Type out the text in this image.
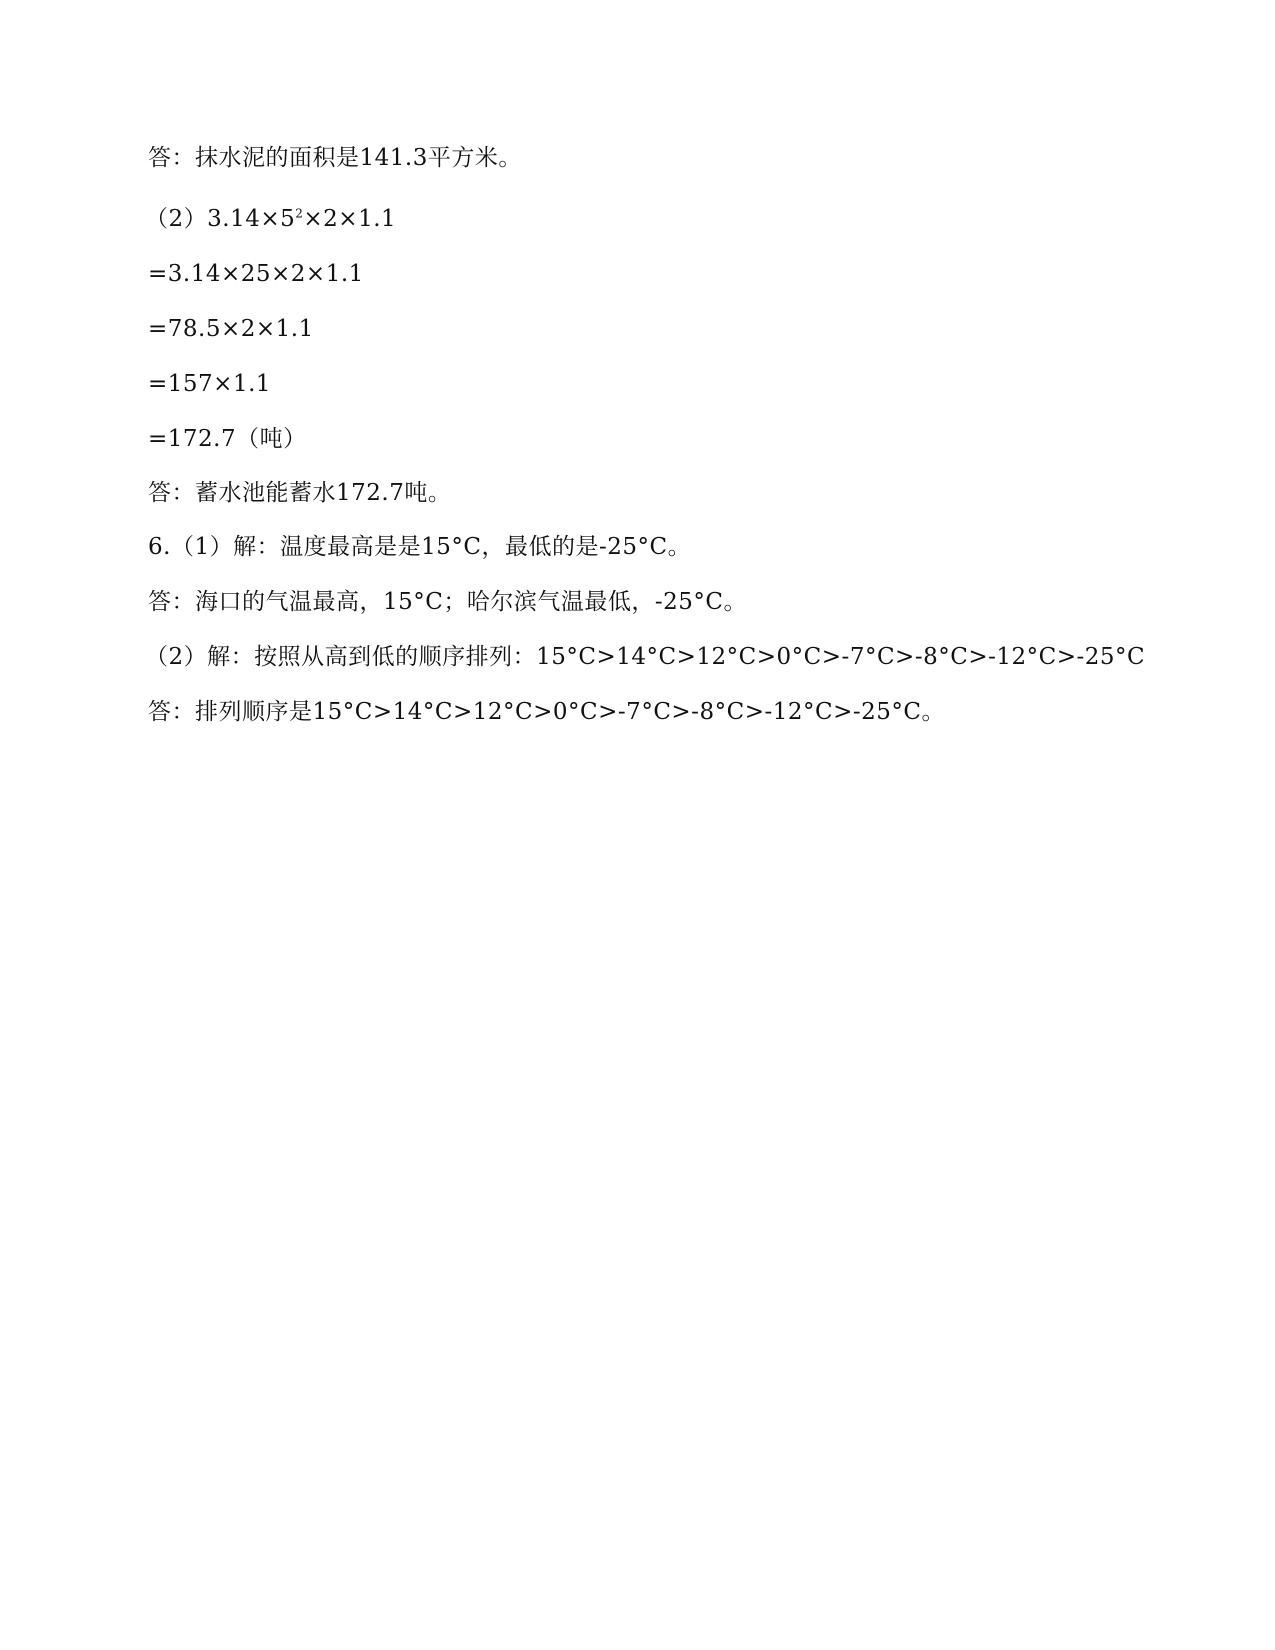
答：抹水泥的面积是141.3平方米。
$(2)3.14\times 5^2\times 2\times 1.1$
=3.14×25×2×1.1
=78.5×2×1.1
=157×1.1
=172.7（吨）
答：蓄水池能蓄水172.7吨。
6.（1）解：温度最高是是15°C，最低的是-25°C。
答：海口的气温最高，15°C；哈尔滨气温最低，-25°C。
（2）解：按照从高到低的顺序排列：15°C>14°C>12°C>0°C>-7°C>-8°C>-12°C>-25°C
答：排列顺序是15°C>14°C>12°C>0°C>-7°C>-8°C>-12°C>-25°C。
